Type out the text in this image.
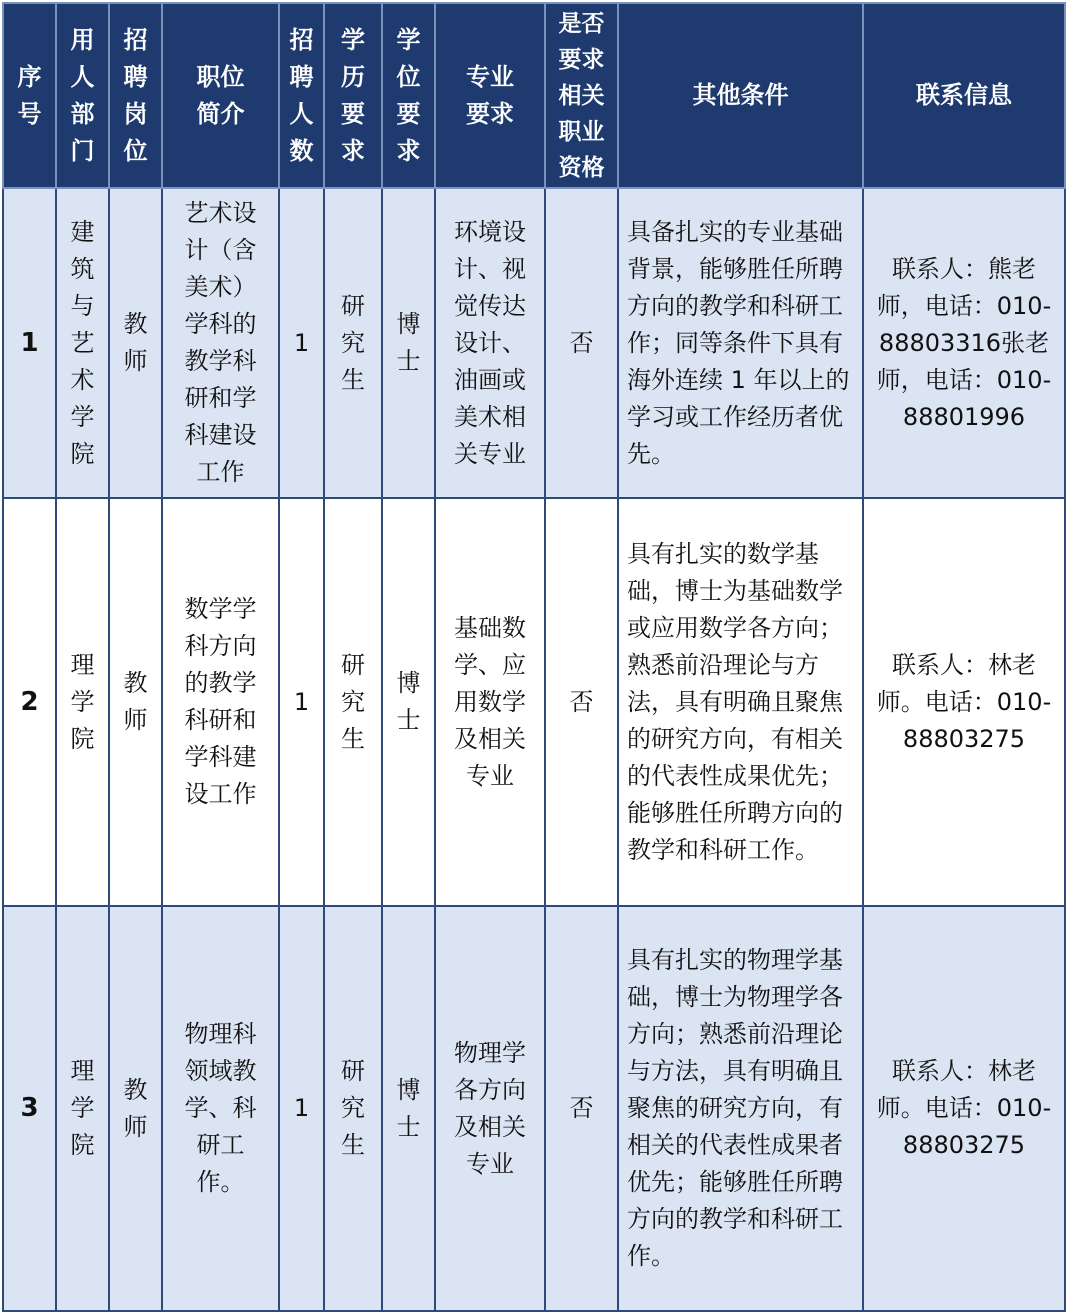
序号	用人部门	招聘岗位	职位简介	招聘人数	学历要求	学位要求	专业要求	是否要求相关职业资格	其他条件	联系信息
1	建筑与艺术学院	教师	艺术设计（含美术）学科的教学科研和学科建设工作	1	研究生	博士	环境设计、视觉传达设计、油画或美术相关专业	否	具备扎实的专业基础背景，能够胜任所聘方向的教学和科研工作；同等条件下具有海外连续 1 年以上的学习或工作经历者优先。	联系人：熊老师，电话：010-88803316张老师，电话：010-88801996

2	理学院	教师	数学学科方向的教学科研和学科建设工作	1	研究生	博士	基础数学、应用数学及相关专业	否	具有扎实的数学基础，博士为基础数学或应用数学各方向；熟悉前沿理论与方法，具有明确且聚焦的研究方向，有相关的代表性成果优先；能够胜任所聘方向的教学和科研工作。	联系人：林老师。电话：010-88803275

3	理学院	教师	物理科领域教学、科研工作。	1	研究生	博士	物理学各方向及相关专业	否	具有扎实的物理学基础，博士为物理学各方向；熟悉前沿理论与方法，具有明确且聚焦的研究方向，有相关的代表性成果者优先；能够胜任所聘方向的教学和科研工作。	联系人：林老师。电话：010-88803275
